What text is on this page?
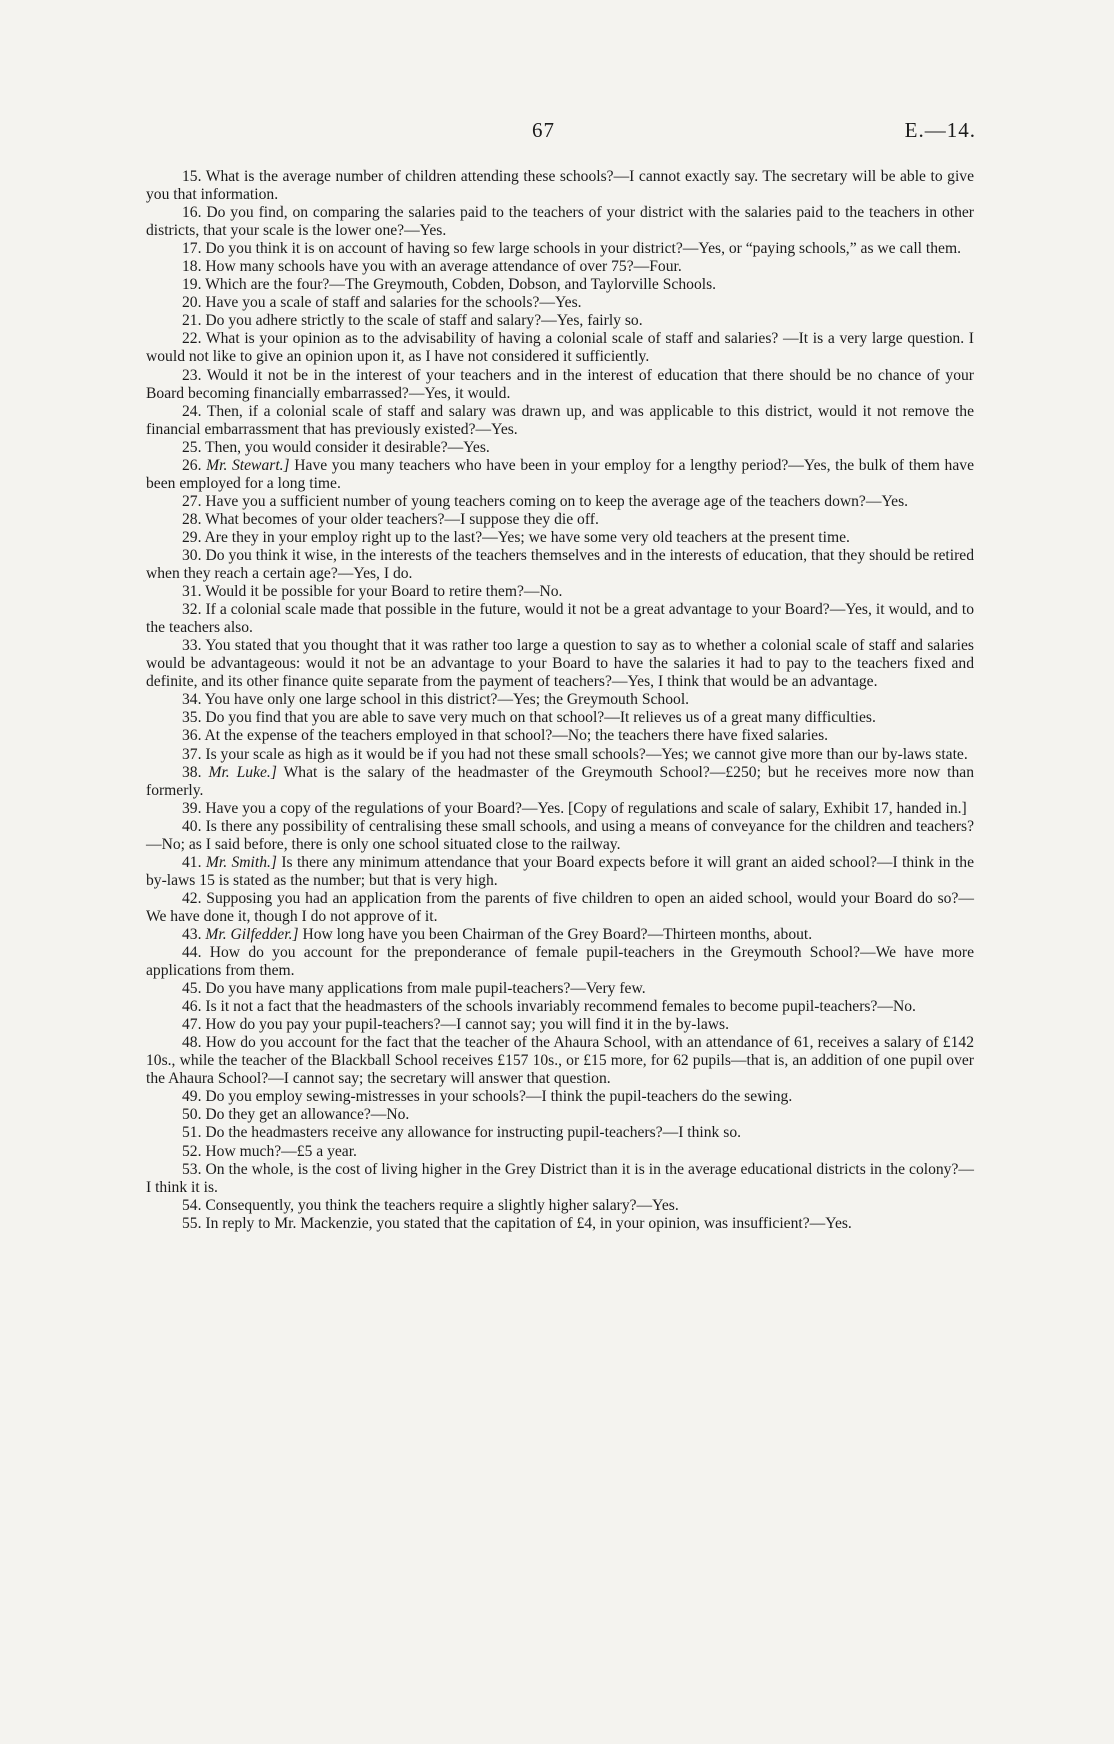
67	E.—14.

15. What is the average number of children attending these schools?—I cannot exactly say. The secretary will be able to give you that information.

16. Do you find, on comparing the salaries paid to the teachers of your district with the salaries paid to the teachers in other districts, that your scale is the lower one?—Yes.

17. Do you think it is on account of having so few large schools in your district?—Yes, or “paying schools,” as we call them.

18. How many schools have you with an average attendance of over 75?—Four.

19. Which are the four?—The Greymouth, Cobden, Dobson, and Taylorville Schools.

20. Have you a scale of staff and salaries for the schools?—Yes.

21. Do you adhere strictly to the scale of staff and salary?—Yes, fairly so.

22. What is your opinion as to the advisability of having a colonial scale of staff and salaries? —It is a very large question. I would not like to give an opinion upon it, as I have not considered it sufficiently.

23. Would it not be in the interest of your teachers and in the interest of education that there should be no chance of your Board becoming financially embarrassed?—Yes, it would.

24. Then, if a colonial scale of staff and salary was drawn up, and was applicable to this district, would it not remove the financial embarrassment that has previously existed?—Yes.

25. Then, you would consider it desirable?—Yes.

26. Mr. Stewart.] Have you many teachers who have been in your employ for a lengthy period?—Yes, the bulk of them have been employed for a long time.

27. Have you a sufficient number of young teachers coming on to keep the average age of the teachers down?—Yes.

28. What becomes of your older teachers?—I suppose they die off.

29. Are they in your employ right up to the last?—Yes; we have some very old teachers at the present time.

30. Do you think it wise, in the interests of the teachers themselves and in the interests of education, that they should be retired when they reach a certain age?—Yes, I do.

31. Would it be possible for your Board to retire them?—No.

32. If a colonial scale made that possible in the future, would it not be a great advantage to your Board?—Yes, it would, and to the teachers also.

33. You stated that you thought that it was rather too large a question to say as to whether a colonial scale of staff and salaries would be advantageous: would it not be an advantage to your Board to have the salaries it had to pay to the teachers fixed and definite, and its other finance quite separate from the payment of teachers?—Yes, I think that would be an advantage.

34. You have only one large school in this district?—Yes; the Greymouth School.

35. Do you find that you are able to save very much on that school?—It relieves us of a great many difficulties.

36. At the expense of the teachers employed in that school?—No; the teachers there have fixed salaries.

37. Is your scale as high as it would be if you had not these small schools?—Yes; we cannot give more than our by-laws state.

38. Mr. Luke.] What is the salary of the headmaster of the Greymouth School?—£250; but he receives more now than formerly.

39. Have you a copy of the regulations of your Board?—Yes. [Copy of regulations and scale of salary, Exhibit 17, handed in.]

40. Is there any possibility of centralising these small schools, and using a means of conveyance for the children and teachers?—No; as I said before, there is only one school situated close to the railway.

41. Mr. Smith.] Is there any minimum attendance that your Board expects before it will grant an aided school?—I think in the by-laws 15 is stated as the number; but that is very high.

42. Supposing you had an application from the parents of five children to open an aided school, would your Board do so?—We have done it, though I do not approve of it.

43. Mr. Gilfedder.] How long have you been Chairman of the Grey Board?—Thirteen months, about.

44. How do you account for the preponderance of female pupil-teachers in the Greymouth School?—We have more applications from them.

45. Do you have many applications from male pupil-teachers?—Very few.

46. Is it not a fact that the headmasters of the schools invariably recommend females to become pupil-teachers?—No.

47. How do you pay your pupil-teachers?—I cannot say; you will find it in the by-laws.

48. How do you account for the fact that the teacher of the Ahaura School, with an attendance of 61, receives a salary of £142 10s., while the teacher of the Blackball School receives £157 10s., or £15 more, for 62 pupils—that is, an addition of one pupil over the Ahaura School?—I cannot say; the secretary will answer that question.

49. Do you employ sewing-mistresses in your schools?—I think the pupil-teachers do the sewing.

50. Do they get an allowance?—No.

51. Do the headmasters receive any allowance for instructing pupil-teachers?—I think so.

52. How much?—£5 a year.

53. On the whole, is the cost of living higher in the Grey District than it is in the average educational districts in the colony?—I think it is.

54. Consequently, you think the teachers require a slightly higher salary?—Yes.

55. In reply to Mr. Mackenzie, you stated that the capitation of £4, in your opinion, was insufficient?—Yes.
